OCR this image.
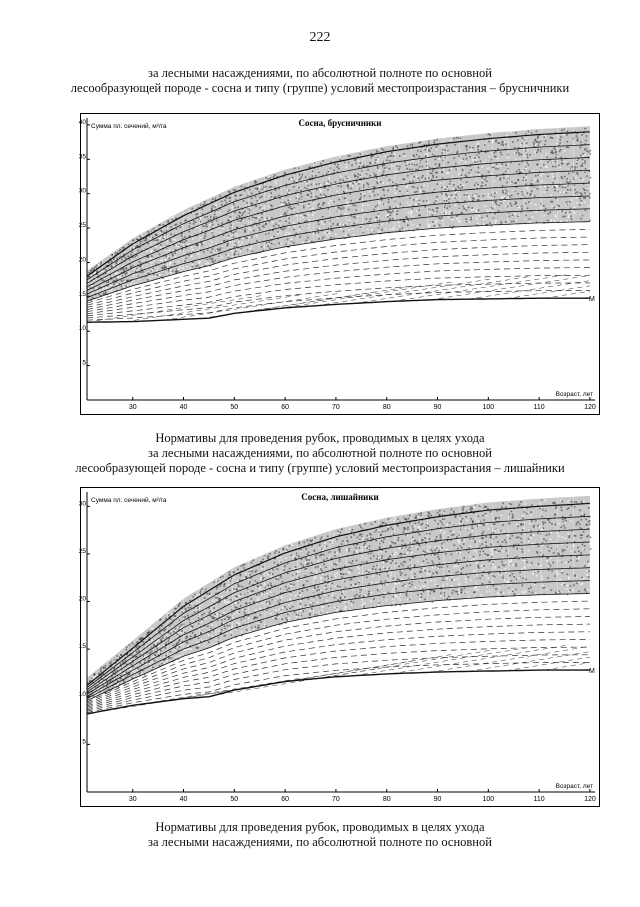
222
за лесными насаждениями, по абсолютной полноте по основной
лесообразующей породе - сосна и типу (группе) условий местопроизрастания – брусничники
М
5
10
15
20
25
30
35
40
30	40	50	60	70	80	90	100	110	120
Сумма пл. сечений, м²/га
Возраст, лет
Сосна, брусничники
Нормативы для проведения рубок, проводимых в целях ухода
за лесными насаждениями, по абсолютной полноте по основной
лесообразующей породе - сосна и типу (группе) условий местопроизрастания – лишайники
М
5
10
15
20
25
30
30	40	50	60	70	80	90	100	110	120
Сумма пл. сечений, м²/га
Возраст, лет
Сосна, лишайники
Нормативы для проведения рубок, проводимых в целях ухода
за лесными насаждениями, по абсолютной полноте по основной
